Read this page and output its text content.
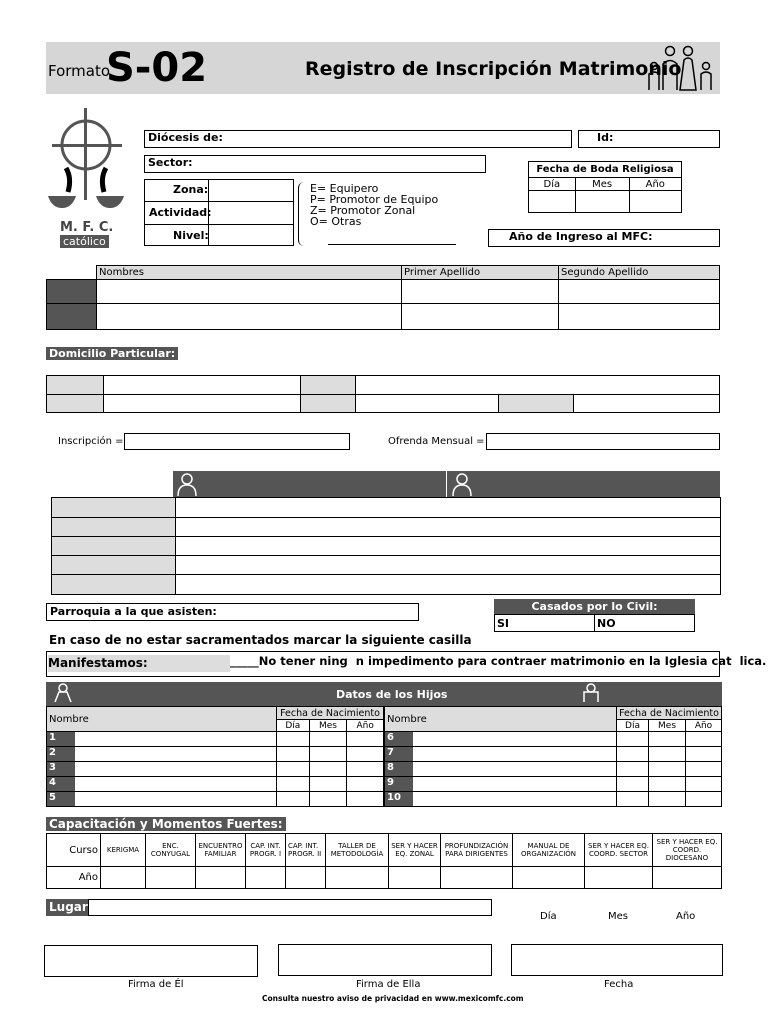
Formato
S-02	Registro de Inscripción Matrimonio
M. F. C.
católico
Diócesis de:	Id:
Sector:
Zona:
Actividad:
Nivel:
E= Equipero
P= Promotor de Equipo
Z= Promotor Zonal
O= Otras
Fecha de Boda Religiosa		
Día	Mes	Año

Año de Ingreso al MFC:
	Nombres	Primer Apellido	Segundo Apellido

Domicilio Particular:

Inscripción =	Ofrenda Mensual =

Parroquia a la que asisten:	Casados por lo Civil:
SI	NO
En caso de no estar sacramentados marcar la siguiente casilla
Manifestamos:	_____No tener ning  n impedimento para contraer matrimonio en la Iglesia cat  lica.
Datos de los Hijos
Nombre	Fecha de Nacimiento		
	Día	Mes	Año
1			
2			
3			
4			
5			
Nombre	Fecha de Nacimiento		
	Día	Mes	Año
6			
7			
8			
9			
10			
Capacitación y Momentos Fuertes:
Curso	KERIGMA	ENC. CONYUGAL	ENCUENTRO FAMILIAR	CAP. INT. PROGR. I	CAP. INT. PROGR. II	TALLER DE METODOLOGÍA	SER Y HACER EQ. ZONAL	PROFUNDIZACIÓN PARA DIRIGENTES	MANUAL DE ORGANIZACIÓN	SER Y HACER EQ. COORD. SECTOR	SER Y HACER EQ. COORD. DIOCESANO
Año											
Lugar
Día	Mes	Año
Firma de Él	Firma de Ella	Fecha
Consulta nuestro aviso de privacidad en www.mexicomfc.com
